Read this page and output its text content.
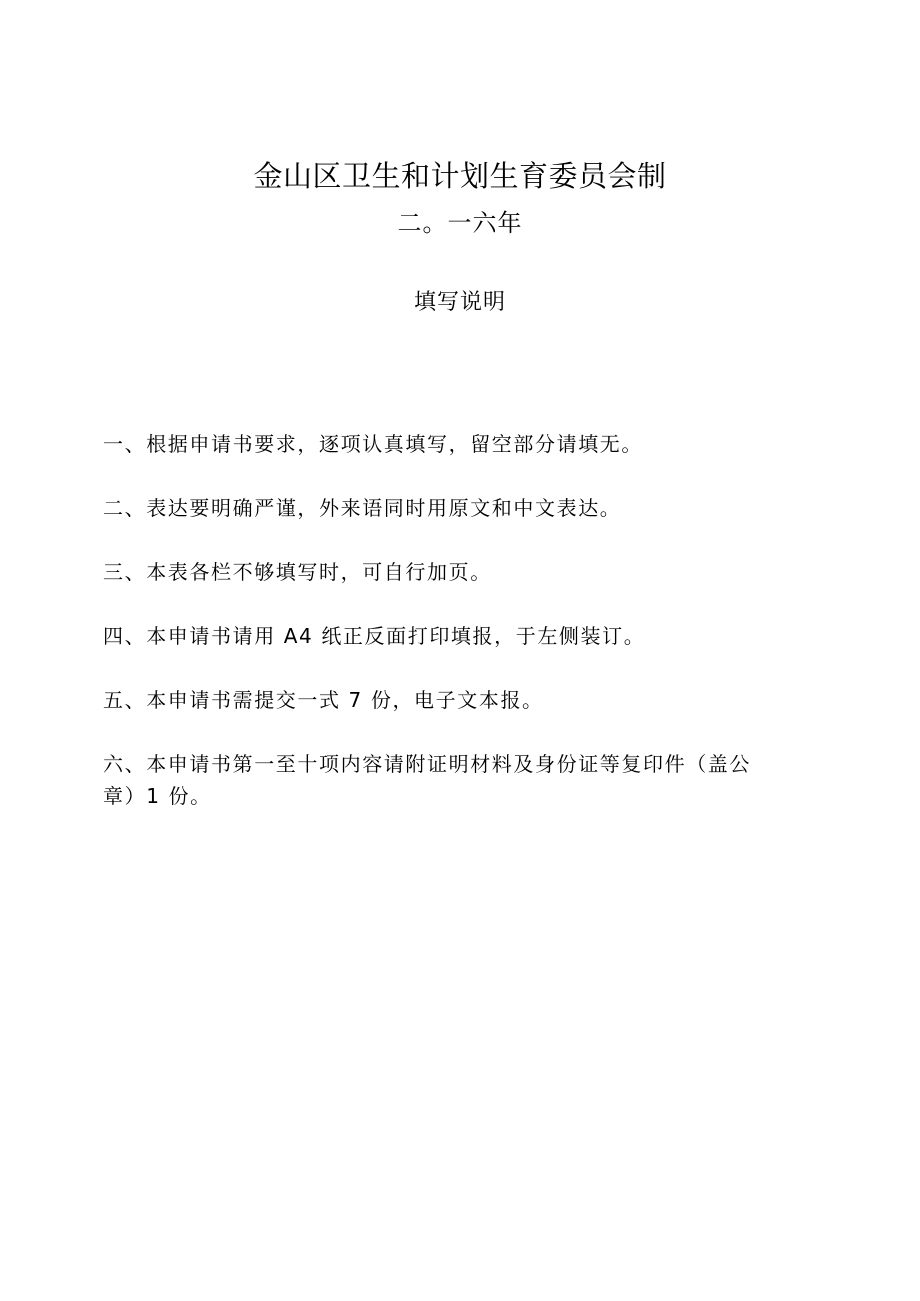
金山区卫生和计划生育委员会制
二。一六年
填写说明
一、根据申请书要求，逐项认真填写，留空部分请填无。
二、表达要明确严谨，外来语同时用原文和中文表达。
三、本表各栏不够填写时，可自行加页。
四、本申请书请用 A4 纸正反面打印填报，于左侧装订。
五、本申请书需提交一式 7 份，电子文本报。
六、本申请书第一至十项内容请附证明材料及身份证等复印件（盖公章）1 份。
